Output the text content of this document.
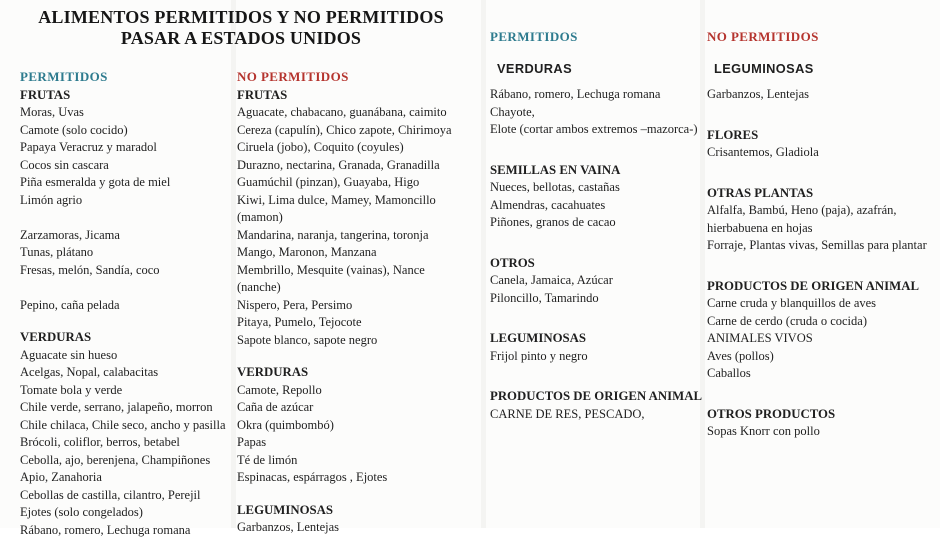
ALIMENTOS PERMITIDOS Y NO PERMITIDOS
PASAR A ESTADOS UNIDOS
PERMITIDOS
FRUTAS
Moras, Uvas
Camote (solo cocido)
Papaya Veracruz y maradol
Cocos sin cascara
Piña esmeralda y gota de miel
Limón agrio

Zarzamoras, Jicama
Tunas, plátano
Fresas, melón, Sandía, coco

Pepino, caña pelada
VERDURAS
Aguacate sin hueso
Acelgas, Nopal, calabacitas
Tomate bola y verde
Chile verde, serrano, jalapeño, morron
Chile chilaca, Chile seco, ancho y pasilla
Brócoli, coliflor, berros, betabel
Cebolla, ajo, berenjena, Champiñones
Apio, Zanahoria
Cebollas de castilla, cilantro, Perejil
Ejotes (solo congelados)
Rábano, romero, Lechuga romana
NO PERMITIDOS
FRUTAS
Aguacate, chabacano, guanábana, caimito
Cereza (capulín), Chico zapote, Chirimoya
Ciruela (jobo), Coquito (coyules)
Durazno, nectarina, Granada, Granadilla
Guamúchil (pinzan), Guayaba, Higo
Kiwi, Lima dulce, Mamey, Mamoncillo
(mamon)
Mandarina, naranja, tangerina, toronja
Mango, Maronon, Manzana
Membrillo, Mesquite (vainas), Nance
(nanche)
Nispero, Pera, Persimo
Pitaya, Pumelo, Tejocote
Sapote blanco, sapote negro
VERDURAS
Camote, Repollo
Caña de azúcar
Okra (quimbombó)
Papas
Té de limón
Espinacas, espárragos , Ejotes
LEGUMINOSAS
Garbanzos, Lentejas
PERMITIDOS
VERDURAS
Rábano, romero, Lechuga romana
Chayote,
Elote (cortar ambos extremos –mazorca-)
SEMILLAS EN VAINA
Nueces, bellotas, castañas
Almendras, cacahuates
Piñones, granos de cacao
OTROS
Canela, Jamaica, Azúcar
Piloncillo, Tamarindo
LEGUMINOSAS
Frijol pinto y negro
PRODUCTOS DE ORIGEN ANIMAL
CARNE DE RES, PESCADO,
NO PERMITIDOS
LEGUMINOSAS
Garbanzos, Lentejas
FLORES
Crisantemos, Gladiola
OTRAS PLANTAS
Alfalfa, Bambú, Heno (paja), azafrán,
hierbabuena en hojas
Forraje, Plantas vivas, Semillas para plantar
PRODUCTOS DE ORIGEN ANIMAL
Carne cruda y blanquillos de aves
Carne de cerdo (cruda o cocida)
ANIMALES VIVOS
Aves (pollos)
Caballos
OTROS PRODUCTOS
Sopas Knorr con pollo
